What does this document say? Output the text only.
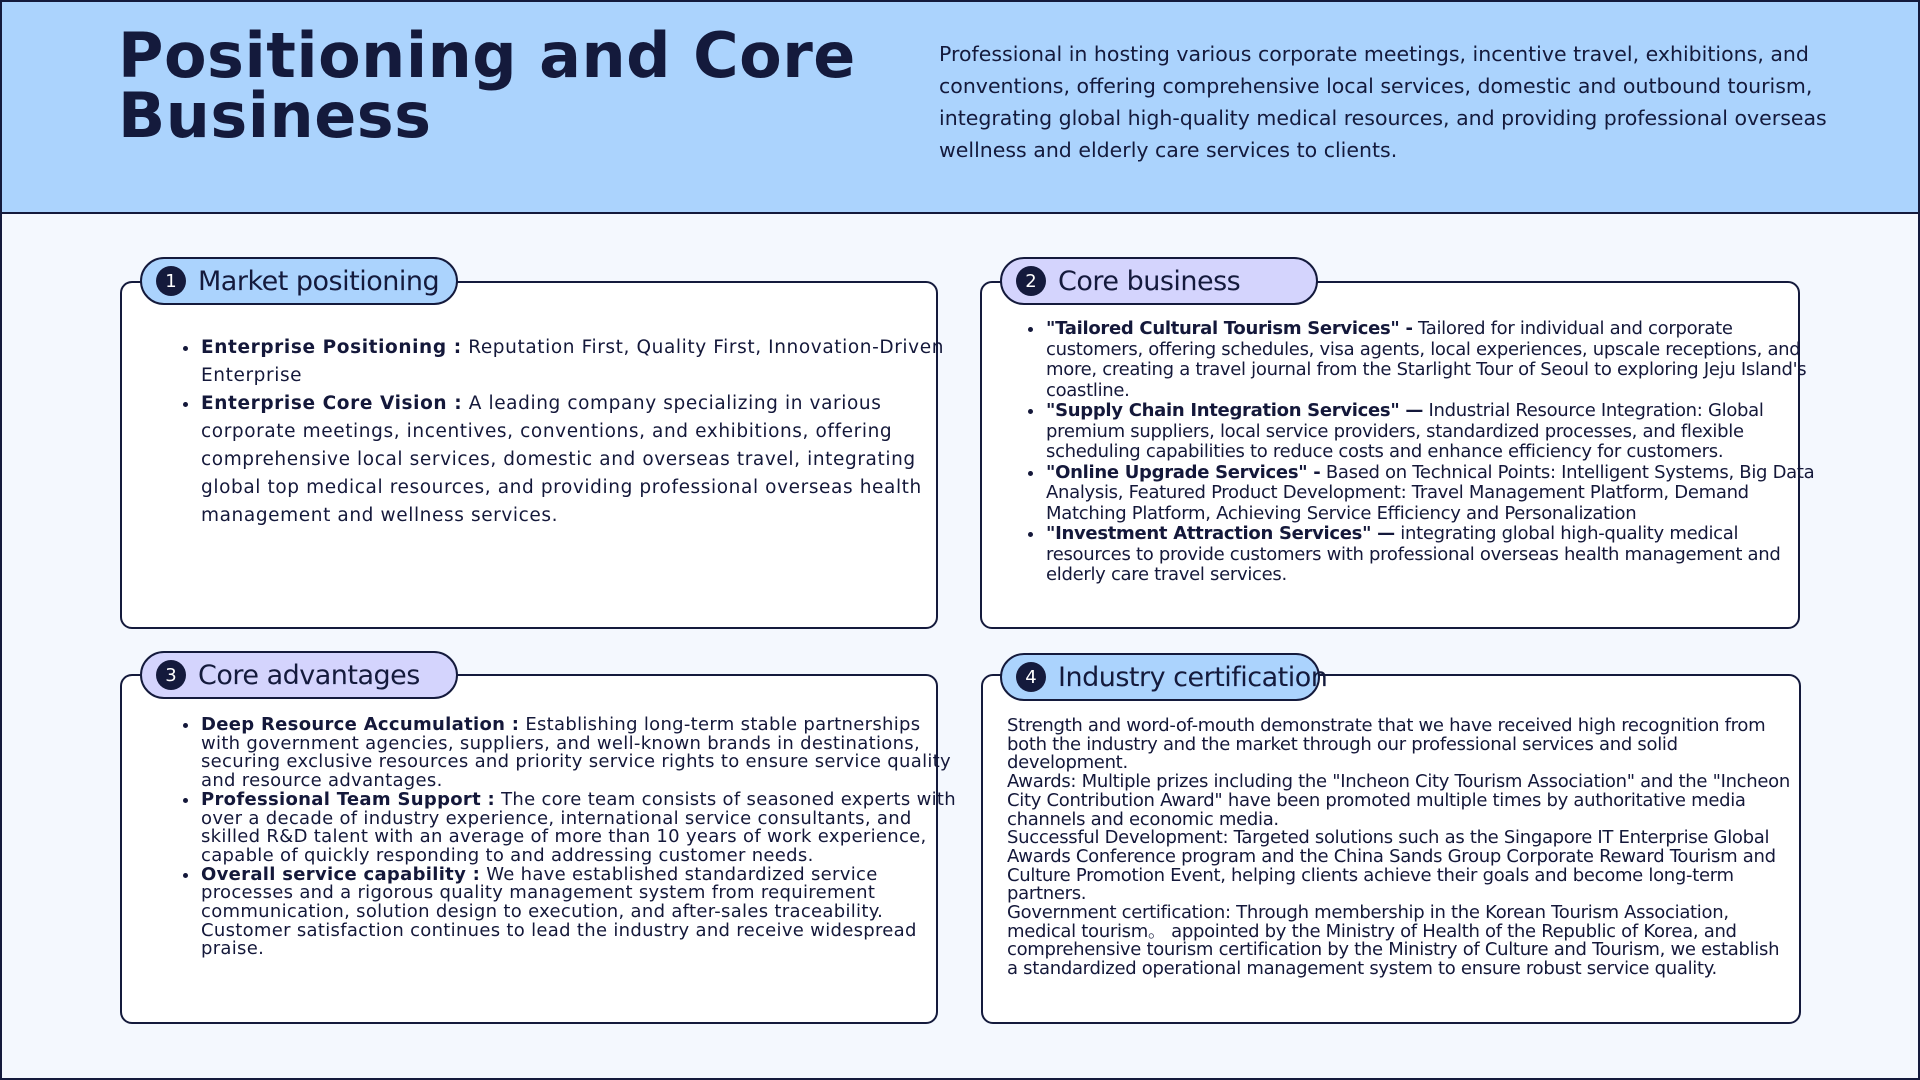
Positioning and Core Business

Professional in hosting various corporate meetings, incentive travel, exhibitions, and conventions, offering comprehensive local services, domestic and outbound tourism, integrating global high-quality medical resources, and providing professional overseas wellness and elderly care services to clients.

1 Market positioning
• Enterprise Positioning : Reputation First, Quality First, Innovation-Driven Enterprise
• Enterprise Core Vision : A leading company specializing in various corporate meetings, incentives, conventions, and exhibitions, offering comprehensive local services, domestic and overseas travel, integrating global top medical resources, and providing professional overseas health management and wellness services.
2 Core business
• "Tailored Cultural Tourism Services" - Tailored for individual and corporate customers, offering schedules, visa agents, local experiences, upscale receptions, and more, creating a travel journal from the Starlight Tour of Seoul to exploring Jeju Island's coastline.
• "Supply Chain Integration Services" — Industrial Resource Integration: Global premium suppliers, local service providers, standardized processes, and flexible scheduling capabilities to reduce costs and enhance efficiency for customers.
• "Online Upgrade Services" - Based on Technical Points: Intelligent Systems, Big Data Analysis, Featured Product Development: Travel Management Platform, Demand Matching Platform, Achieving Service Efficiency and Personalization
• "Investment Attraction Services" — integrating global high-quality medical resources to provide customers with professional overseas health management and elderly care travel services.
3 Core advantages
• Deep Resource Accumulation : Establishing long-term stable partnerships with government agencies, suppliers, and well-known brands in destinations, securing exclusive resources and priority service rights to ensure service quality and resource advantages.
• Professional Team Support : The core team consists of seasoned experts with over a decade of industry experience, international service consultants, and skilled R&D talent with an average of more than 10 years of work experience, capable of quickly responding to and addressing customer needs.
• Overall service capability : We have established standardized service processes and a rigorous quality management system from requirement communication, solution design to execution, and after-sales traceability. Customer satisfaction continues to lead the industry and receive widespread praise.
4 Industry certification

Strength and word-of-mouth demonstrate that we have received high recognition from both the industry and the market through our professional services and solid development.

Awards: Multiple prizes including the "Incheon City Tourism Association" and the "Incheon City Contribution Award" have been promoted multiple times by authoritative media channels and economic media.

Successful Development: Targeted solutions such as the Singapore IT Enterprise Global Awards Conference program and the China Sands Group Corporate Reward Tourism and Culture Promotion Event, helping clients achieve their goals and become long-term partners.

Government certification: Through membership in the Korean Tourism Association, medical tourism。 appointed by the Ministry of Health of the Republic of Korea, and comprehensive tourism certification by the Ministry of Culture and Tourism, we establish a standardized operational management system to ensure robust service quality.
